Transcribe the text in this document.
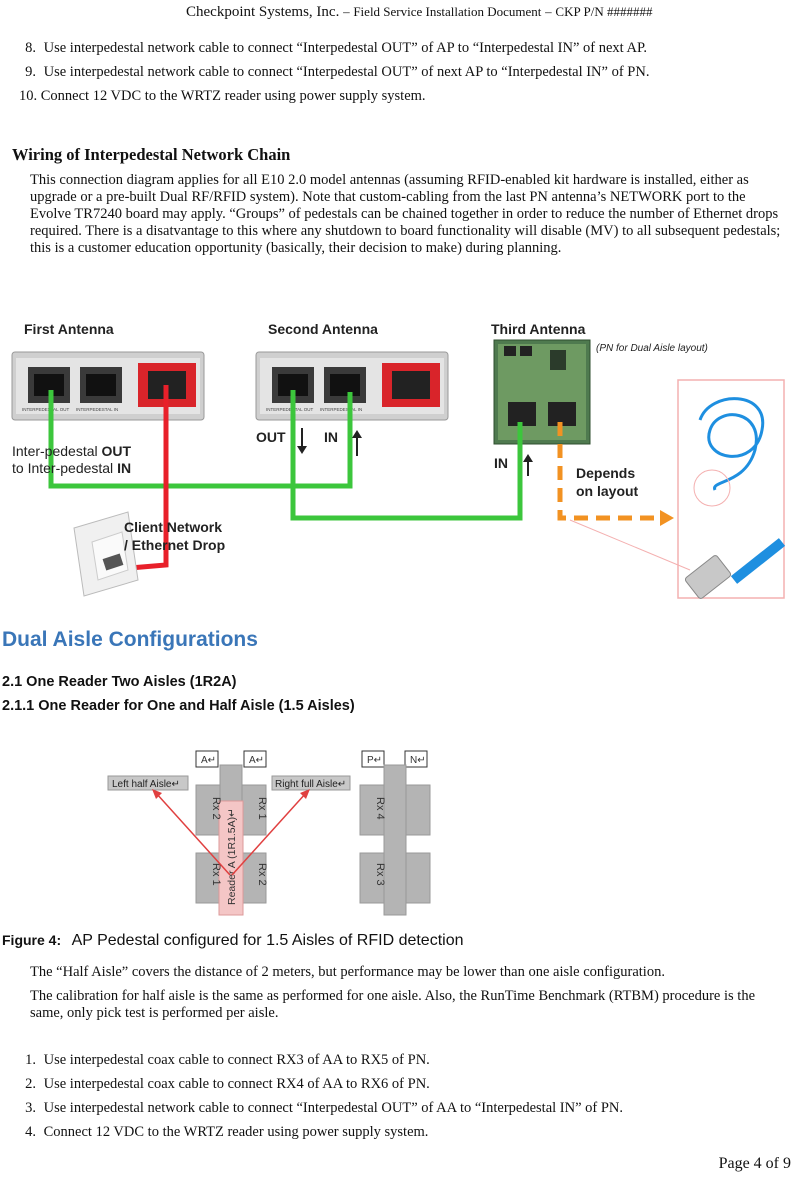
Checkpoint Systems, Inc. – Field Service Installation Document – CKP P/N #######
8. Use interpedestal network cable to connect “Interpedestal OUT” of AP to “Interpedestal IN” of next AP.
9. Use interpedestal network cable to connect “Interpedestal OUT” of next AP to “Interpedestal IN” of PN.
10. Connect 12 VDC to the WRTZ reader using power supply system.
Wiring of Interpedestal Network Chain
This connection diagram applies for all E10 2.0 model antennas (assuming RFID-enabled kit hardware is installed, either as upgrade or a pre-built Dual RF/RFID system). Note that custom-cabling from the last PN antenna’s NETWORK port to the Evolve TR7240 board may apply. “Groups” of pedestals can be chained together in order to reduce the number of Ethernet drops required. There is a disatvantage to this where any shutdown to board functionality will disable (MV) to all subsequent pedestals; this is a customer education opportunity (basically, their decision to make) during planning.
First Antenna	Second Antenna	Third Antenna
(PN for Dual Aisle layout)
INTERPEDESTAL OUT INTERPEDESTAL IN	INTERPEDESTAL OUT INTERPEDESTAL IN
OUT	IN
IN
Inter-pedestal OUT
to Inter-pedestal IN
Client Network
/ Ethernet Drop
Depends
on layout
Dual Aisle Configurations
2.1 One Reader Two Aisles (1R2A)
2.1.1 One Reader for One and Half Aisle (1.5 Aisles)
A↵	A↵	P↵	N↵
Rx 2	Rx 1
Rx 1	Rx 2
Reader A (1R1.5A)↵
Left half Aisle↵	Right full Aisle↵
Rx 4
Rx 3
Figure 4: AP Pedestal configured for 1.5 Aisles of RFID detection
The “Half Aisle” covers the distance of 2 meters, but performance may be lower than one aisle configuration.
The calibration for half aisle is the same as performed for one aisle. Also, the RunTime Benchmark (RTBM) procedure is the same, only pick test is performed per aisle.
1. Use interpedestal coax cable to connect RX3 of AA to RX5 of PN.
2. Use interpedestal coax cable to connect RX4 of AA to RX6 of PN.
3. Use interpedestal network cable to connect “Interpedestal OUT” of AA to “Interpedestal IN” of PN.
4. Connect 12 VDC to the WRTZ reader using power supply system.
Page 4 of 9
